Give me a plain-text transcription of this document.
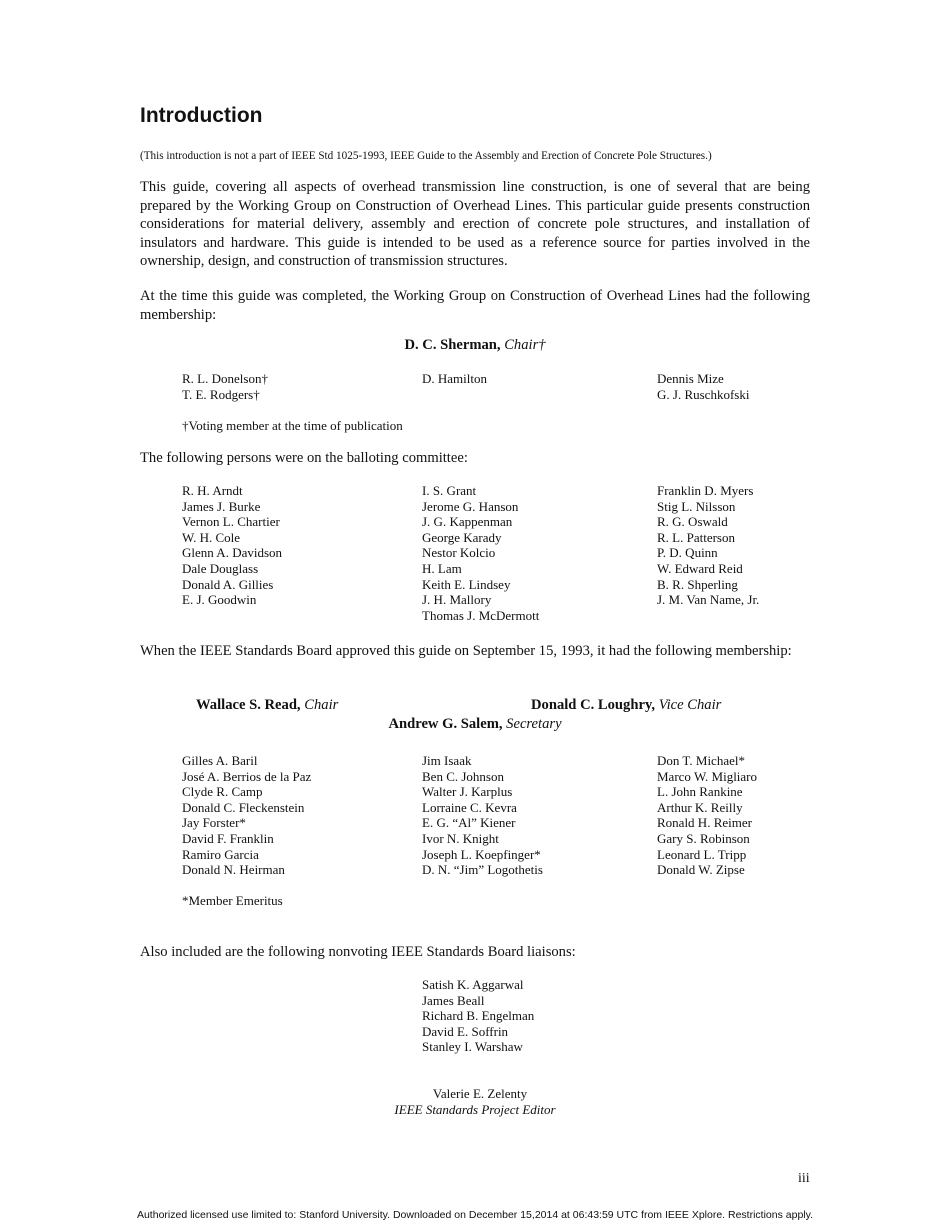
Introduction
(This introduction is not a part of IEEE Std 1025-1993, IEEE Guide to the Assembly and Erection of Concrete Pole Structures.)

This guide, covering all aspects of overhead transmission line construction, is one of several that are being prepared by the Working Group on Construction of Overhead Lines. This particular guide presents construction considerations for material delivery, assembly and erection of concrete pole structures, and installation of insulators and hardware. This guide is intended to be used as a reference source for parties involved in the ownership, design, and construction of transmission structures.

At the time this guide was completed, the Working Group on Construction of Overhead Lines had the following membership:

D. C. Sherman, Chair†
R. L. Donelson†
T. E. Rodgers†
D. Hamilton	Dennis Mize
G. J. Ruschkofski
†Voting member at the time of publication

The following persons were on the balloting committee:

R. H. Arndt
James J. Burke
Vernon L. Chartier
W. H. Cole
Glenn A. Davidson
Dale Douglass
Donald A. Gillies
E. J. Goodwin
I. S. Grant
Jerome G. Hanson
J. G. Kappenman
George Karady
Nestor Kolcio
H. Lam
Keith E. Lindsey
J. H. Mallory
Thomas J. McDermott
Franklin D. Myers
Stig L. Nilsson
R. G. Oswald
R. L. Patterson
P. D. Quinn
W. Edward Reid
B. R. Shperling
J. M. Van Name, Jr.

When the IEEE Standards Board approved this guide on September 15, 1993, it had the following membership:

Wallace S. Read, Chair	Donald C. Loughry, Vice Chair
Andrew G. Salem, Secretary
Gilles A. Baril
José A. Berrios de la Paz
Clyde R. Camp
Donald C. Fleckenstein
Jay Forster*
David F. Franklin
Ramiro Garcia
Donald N. Heirman
Jim Isaak
Ben C. Johnson
Walter J. Karplus
Lorraine C. Kevra
E. G. “Al” Kiener
Ivor N. Knight
Joseph L. Koepfinger*
D. N. “Jim” Logothetis
Don T. Michael*
Marco W. Migliaro
L. John Rankine
Arthur K. Reilly
Ronald H. Reimer
Gary S. Robinson
Leonard L. Tripp
Donald W. Zipse
*Member Emeritus

Also included are the following nonvoting IEEE Standards Board liaisons:

Satish K. Aggarwal
James Beall
Richard B. Engelman
David E. Soffrin
Stanley I. Warshaw
Valerie E. Zelenty
IEEE Standards Project Editor
iii
Authorized licensed use limited to: Stanford University. Downloaded on December 15,2014 at 06:43:59 UTC from IEEE Xplore. Restrictions apply.
